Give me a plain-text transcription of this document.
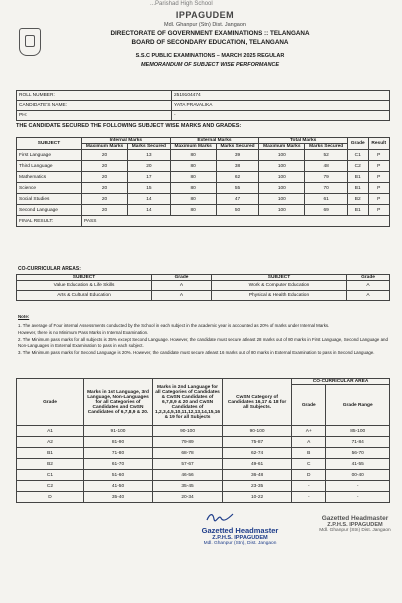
...Parishad High School
IPPAGUDEM
Mdl. Ghanpur (Stn) Dist. Jangaon
DIRECTORATE OF GOVERNMENT EXAMINATIONS :: TELANGANA
BOARD OF SECONDARY EDUCATION, TELANGANA
S.S.C PUBLIC EXAMINATIONS – MARCH 2025 REGULAR
MEMORANDUM OF SUBJECT WISE PERFORMANCE
ROLL NUMBER:	2519104474
CANDIDATE'S NAME:	YATA PRAVALIKA
PH:	-
THE CANDIDATE SECURED THE FOLLOWING SUBJECT WISE MARKS AND GRADES:
SUBJECT	Internal Marks		External Marks		Total Marks		Grade	Result
	Maximum Marks	Marks Secured	Maximum Marks	Marks Secured	Maximum Marks	Marks Secured		
First Language	20	13	80	39	100	52	C1	P
Third Language	20	20	80	38	100	48	C2	P
Mathematics	20	17	80	62	100	79	B1	P
Science	20	15	80	55	100	70	B1	P
Social Studies	20	14	80	47	100	61	B2	P
Second Language	20	14	80	50	100	69	B1	P
FINAL RESULT:	PASS							
CO-CURRICULAR AREAS:
SUBJECT	Grade	SUBJECT	Grade
Value Education & Life Skills	A	Work & Computer Education	A
Arts & Cultural Education	A	Physical & Health Education	A

Note:

1. The average of Four internal Assessments conducted by the School in each subject in the academic year is accounted as 20% of marks under Internal Marks.

However, there is no Minimum Pass Marks in Internal Examination.

2. The Minimum pass marks for all subjects is 35% except Second Language. However, the candidate must secure atleast 28 marks out of 80 marks in First Language, Second Language and Non-Languages in External Examination to pass in each subject.

3. The Minimum pass marks for Second Language is 20%. However, the candidate must secure atleast 16 marks out of 80 marks in External Examination to pass in Second Language.

Grade	Marks in 1st Language, 3rd Language, Non-Languages for all Categories of Candidates and CwSN Candidates of 6,7,8,9 & 20.	Marks in 2nd Language for all Categories of Candidates & CwSN Candidates of 6,7,8,9 & 20 and CwSN Candidates of 1,2,3,4,5,10,11,12,13,14,15,16 & 19 for all Subjects	CwSN Category of Candidates 16,17 & 18 for all Subjects.	CO-CURRICULAR AREA	
				Grade	Grade Range
A1	91-100	90-100	90-100	A+	85-100
A2	81-90	79-89	75-87	A	71-84
B1	71-80	68-78	62-74	B	56-70
B2	61-70	57-67	49-61	C	41-55
C1	51-60	46-56	36-48	D	00-40
C2	41-50	35-45	23-35	-	-
D	35-40	20-34	10-22	-	-
Gazetted Headmaster
Z.P.H.S. IPPAGUDEM
Mdl. Ghanpur (Stn), Dist. Jangaon
Gazetted Headmaster
Z.P.H.S. IPPAGUDEM
Mdl. Ghanpur (Stn) Dist. Jangaon
